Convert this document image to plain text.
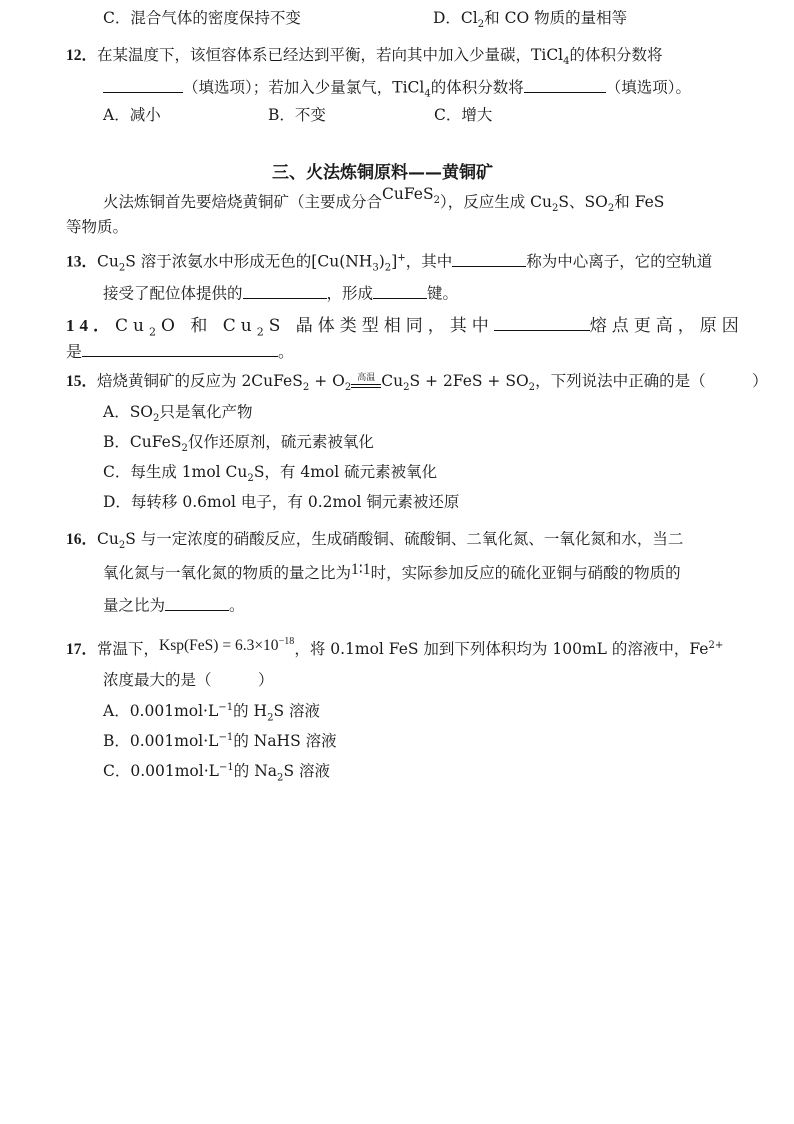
C．混合气体的密度保持不变	D．$Cl_2$和 CO 物质的量相等
12．在某温度下，该恒容体系已经达到平衡，若向其中加入少量碳，TiCl$_4$的体积分数将
（填选项）；若加入少量氯气，TiCl$_4$的体积分数将	（填选项）。
A．减小	B．不变	C．增大
三、火法炼铜原料——黄铜矿
火法炼铜首先要焙烧黄铜矿（主要成分合CuFeS$_2$），反应生成 $Cu_2S$、$SO_2$和 FeS
等物质。
13．$Cu_2S$ 溶于浓氨水中形成无色的$[Cu(NH_3)_2]^+$，其中	称为中心离子，它的空轨道
接受了配位体提供的	，形成	键。
14．$Cu_2O$ 和 $Cu_2S$ 晶体类型相同，其中	熔点更高，原因
是	。
15．焙烧黄铜矿的反应为 2CuFeS$_2$ + $O_2$
高温 $Cu_2S + 2FeS + SO_2$，下列说法中正确的是（　　　）
A．$SO_2$只是氧化产物
B．CuFeS$_2$仅作还原剂，硫元素被氧化
C．每生成 1mol $Cu_2S$，有 4mol 硫元素被氧化
D．每转移 0.6mol 电子，有 0.2mol 铜元素被还原
16．$Cu_2S$ 与一定浓度的硝酸反应，生成硝酸铜、硫酸铜、二氧化氮、一氧化氮和水，当二
氧化氮与一氧化氮的物质的量之比为1∶1时，实际参加反应的硫化亚铜与硝酸的物质的
量之比为	。
17．常温下，$Ksp(FeS) = 6.3\times 10^{-18}$，将 0.1mol FeS 加到下列体积均为 100mL 的溶液中，$Fe^{2+}$
浓度最大的是（　　　）
A．$0.001mol\cdot L^{-1}$的 $H_2S$ 溶液
B．$0.001mol\cdot L^{-1}$的 NaHS 溶液
C．$0.001mol\cdot L^{-1}$的 $Na_2S$ 溶液
